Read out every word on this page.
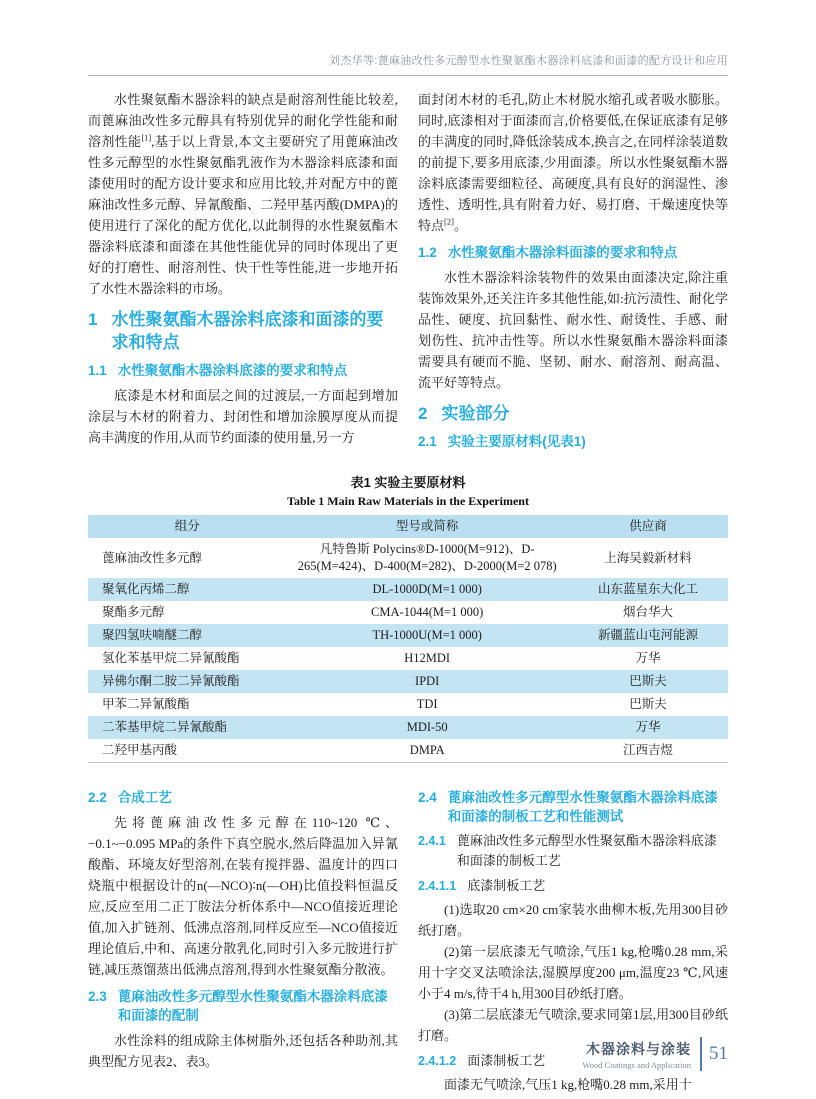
刘杰华等:蓖麻油改性多元醇型水性聚氨酯木器涂料底漆和面漆的配方设计和应用

水性聚氨酯木器涂料的缺点是耐溶剂性能比较差,而蓖麻油改性多元醇具有特别优异的耐化学性能和耐溶剂性能[1],基于以上背景,本文主要研究了用蓖麻油改性多元醇型的水性聚氨酯乳液作为木器涂料底漆和面漆使用时的配方设计要求和应用比较,并对配方中的蓖麻油改性多元醇、异氰酸酯、二羟甲基丙酸(DMPA)的使用进行了深化的配方优化,以此制得的水性聚氨酯木器涂料底漆和面漆在其他性能优异的同时体现出了更好的打磨性、耐溶剂性、快干性等性能,进一步地开拓了水性木器涂料的市场。

1 水性聚氨酯木器涂料底漆和面漆的要求和特点
1.1 水性聚氨酯木器涂料底漆的要求和特点

底漆是木材和面层之间的过渡层,一方面起到增加涂层与木材的附着力、封闭性和增加涂膜厚度从而提高丰满度的作用,从而节约面漆的使用量,另一方

面封闭木材的毛孔,防止木材脱水缩孔或者吸水膨胀。同时,底漆相对于面漆而言,价格要低,在保证底漆有足够的丰满度的同时,降低涂装成本,换言之,在同样涂装道数的前提下,要多用底漆,少用面漆。所以水性聚氨酯木器涂料底漆需要细粒径、高硬度,具有良好的润湿性、渗透性、透明性,具有附着力好、易打磨、干燥速度快等特点[2]。

1.2 水性聚氨酯木器涂料面漆的要求和特点

水性木器涂料涂装物件的效果由面漆决定,除注重装饰效果外,还关注许多其他性能,如:抗污渍性、耐化学品性、硬度、抗回黏性、耐水性、耐烫性、手感、耐划伤性、抗冲击性等。所以水性聚氨酯木器涂料面漆需要具有硬而不脆、坚韧、耐水、耐溶剂、耐高温、流平好等特点。

2 实验部分
2.1 实验主要原材料(见表1)
表1 实验主要原材料
Table 1 Main Raw Materials in the Experiment
组分	型号或简称	供应商
蓖麻油改性多元醇	凡特鲁斯 Polycins®D-1000(M=912)、D-265(M=424)、D-400(M=282)、D-2000(M=2 078)	上海吴毅新材料
聚氧化丙烯二醇	DL-1000D(M=1 000)	山东蓝星东大化工
聚酯多元醇	CMA-1044(M=1 000)	烟台华大
聚四氢呋喃醚二醇	TH-1000U(M=1 000)	新疆蓝山屯河能源
氢化苯基甲烷二异氰酸酯	H12MDI	万华
异佛尔酮二胺二异氰酸酯	IPDI	巴斯夫
甲苯二异氰酸酯	TDI	巴斯夫
二苯基甲烷二异氰酸酯	MDI-50	万华
二羟甲基丙酸	DMPA	江西吉煜
2.2 合成工艺

先将蓖麻油改性多元醇在110~120 ℃、−0.1~−0.095 MPa的条件下真空脱水,然后降温加入异氰酸酯、环境友好型溶剂,在装有搅拌器、温度计的四口烧瓶中根据设计的n(—NCO)∶n(—OH)比值投料恒温反应,反应至用二正丁胺法分析体系中—NCO值接近理论值,加入扩链剂、低沸点溶剂,同样反应至—NCO值接近理论值后,中和、高速分散乳化,同时引入多元胺进行扩链,减压蒸馏蒸出低沸点溶剂,得到水性聚氨酯分散液。

2.3 蓖麻油改性多元醇型水性聚氨酯木器涂料底漆和面漆的配制

水性涂料的组成除主体树脂外,还包括各种助剂,其典型配方见表2、表3。

2.4 蓖麻油改性多元醇型水性聚氨酯木器涂料底漆和面漆的制板工艺和性能测试
2.4.1 蓖麻油改性多元醇型水性聚氨酯木器涂料底漆和面漆的制板工艺
2.4.1.1 底漆制板工艺

(1)选取20 cm×20 cm家装水曲柳木板,先用300目砂纸打磨。

(2)第一层底漆无气喷涂,气压1 kg,枪嘴0.28 mm,采用十字交叉法喷涂法,湿膜厚度200 μm,温度23 ℃,风速小于4 m/s,待干4 h,用300目砂纸打磨。

(3)第二层底漆无气喷涂,要求同第1层,用300目砂纸打磨。

2.4.1.2 面漆制板工艺

面漆无气喷涂,气压1 kg,枪嘴0.28 mm,采用十

木器涂料与涂装
Wood Coatings and Application
51
